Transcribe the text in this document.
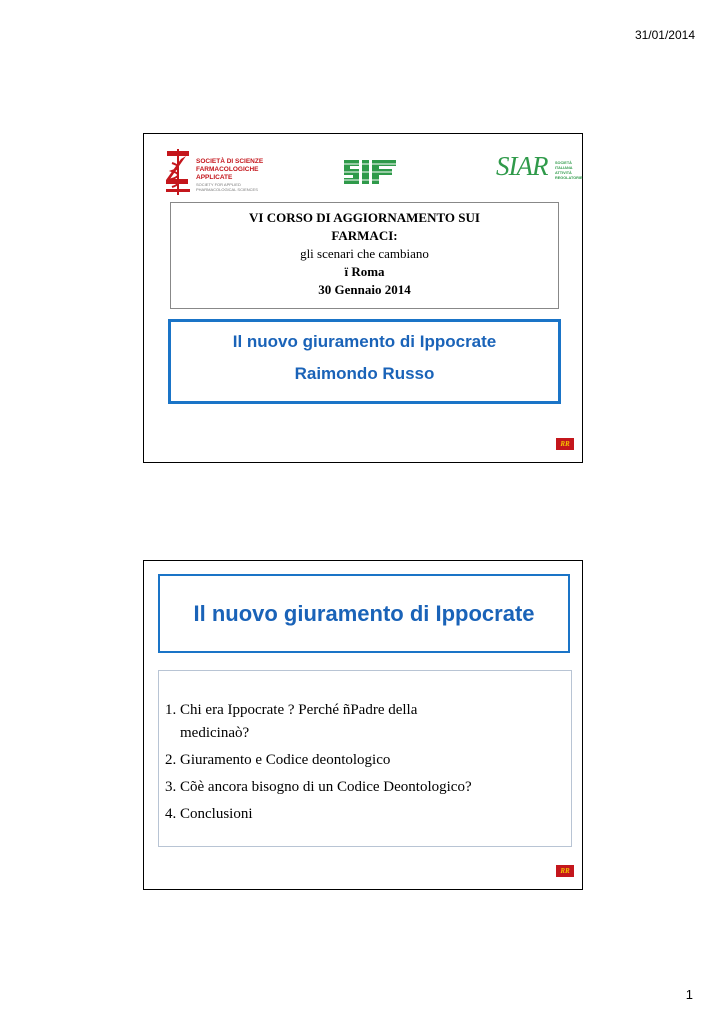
31/01/2014
SOCIETÀ DI SCIENZE
FARMACOLOGICHE
APPLICATE
SOCIETY FOR APPLIED
PHARMACOLOGICAL SCIENCES
SIAR SOCIETÀ
ITALIANA
ATTIVITÀ
REGOLATORIE
VI CORSO DI AGGIORNAMENTO SUI
FARMACI:
gli scenari che cambiano
ï Roma
30 Gennaio 2014
Il nuovo giuramento di Ippocrate
Raimondo Russo
RR
Il nuovo giuramento di Ippocrate
1. Chi era Ippocrate ? Perché ñPadre della
medicinaò?
2. Giuramento e Codice deontologico
3. Cõè ancora bisogno di un Codice Deontologico?
4. Conclusioni
RR
1
